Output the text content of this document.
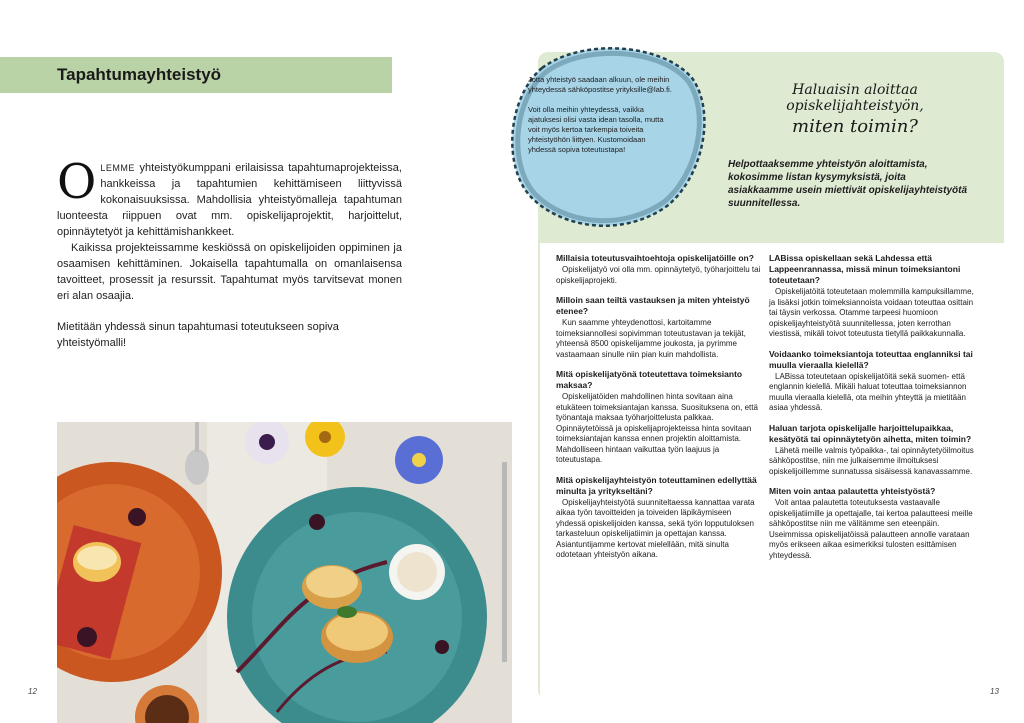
Tapahtumayhteistyö

OLEMME yhteistyökumppani erilaisissa tapahtumaprojekteissa, hankkeissa ja tapahtumien kehittämiseen liittyvissä kokonaisuuksissa. Mahdollisia yhteistyömalleja tapahtuman luonteesta riippuen ovat mm. opiskelijaprojektit, harjoittelut, opinnäytetyöt ja kehittämishankkeet.

Kaikissa projekteissamme keskiössä on opiskelijoiden oppiminen ja osaamisen kehittäminen. Jokaisella tapahtumalla on omanlaisensa tavoitteet, prosessit ja resurssit. Tapahtumat myös tarvitsevat monen eri alan osaajia.

Mietitään yhdessä sinun tapahtumasi toteutukseen sopiva yhteistyömalli!

12

Jotta yhteistyö saadaan alkuun, ole meihin yhteydessä sähköpostitse yrityksille@lab.fi.

Voit olla meihin yhteydessä, vaikka ajatuksesi olisi vasta idean tasolla, mutta voit myös kertoa tarkempia toiveita yhteistyöhön liittyen. Kustomoidaan yhdessä sopiva toteutustapa!

Haluaisin aloittaa opiskelijahteistyön,
miten toimin?

Helpottaaksemme yhteistyön aloittamista, kokosimme listan kysymyksistä, joita asiakkaamme usein miettivät opiskelijayhteistyötä suunnitellessa.

Millaisia toteutusvaihtoehtoja opiskelijatöille on?

Opiskelijatyö voi olla mm. opinnäytetyö, työharjoittelu tai opiskelijaprojekti.

Milloin saan teiltä vastauksen ja miten yhteistyö etenee?

Kun saamme yhteydenottosi, kartoitamme toimeksiannollesi sopivimman toteutustavan ja tekijät, yhteensä 8500 opiskelijamme joukosta, ja pyrimme vastaamaan sinulle niin pian kuin mahdollista.

Mitä opiskelijatyönä toteutettava toimeksianto maksaa?

Opiskelijatöiden mahdollinen hinta sovitaan aina etukäteen toimeksiantajan kanssa. Suosituksena on, että työnantaja maksaa työharjoittelusta palkkaa. Opinnäytetöissä ja opiskelijaprojekteissa hinta sovitaan toimeksiantajan kanssa ennen projektin aloittamista. Mahdolliseen hintaan vaikuttaa työn laajuus ja toteutustapa.

Mitä opiskelijayhteistyön toteuttaminen edellyttää minulta ja yritykseltäni?

Opiskelijayhteistyötä suunniteltaessa kannattaa varata aikaa työn tavoitteiden ja toiveiden läpikäymiseen yhdessä opiskelijoiden kanssa, sekä työn lopputuloksen tarkasteluun opiskelijatiimin ja opettajan kanssa. Asiantuntijamme kertovat mielellään, mitä sinulta odotetaan yhteistyön aikana.

LABissa opiskellaan sekä Lahdessa että Lappeenrannassa, missä minun toimeksiantoni toteutetaan?

Opiskelijatöitä toteutetaan molemmilla kampuksillamme, ja lisäksi jotkin toimeksiannoista voidaan toteuttaa osittain tai täysin verkossa. Otamme tarpeesi huomioon opiskelijayhteistyötä suunnitellessa, joten kerrothan viestissä, mikäli toivot toteutusta tietyllä paikkakunnalla.

Voidaanko toimeksiantoja toteuttaa englanniksi tai muulla vieraalla kielellä?

LABissa toteutetaan opiskelijatöitä sekä suomen- että englannin kielellä. Mikäli haluat toteuttaa toimeksiannon muulla vieraalla kielellä, ota meihin yhteyttä ja mietitään asiaa yhdessä.

Haluan tarjota opiskelijalle harjoittelupaikkaa, kesätyötä tai opinnäytetyön aihetta, miten toimin?

Lähetä meille valmis työpaikka-, tai opinnäytetyöilmoitus sähköpostitse, niin me julkaisemme ilmoituksesi opiskelijoillemme sunnatussa sisäisessä kanavassamme.

Miten voin antaa palautetta yhteistyöstä?

Voit antaa palautetta toteutuksesta vastaavalle opiskelijatiimille ja opettajalle, tai kertoa palautteesi meille sähköpostitse niin me välitämme sen eteenpäin. Useimmissa opiskelijatöissä palautteen annolle varataan myös erikseen aikaa esimerkiksi tulosten esittämisen yhteydessä.

13
